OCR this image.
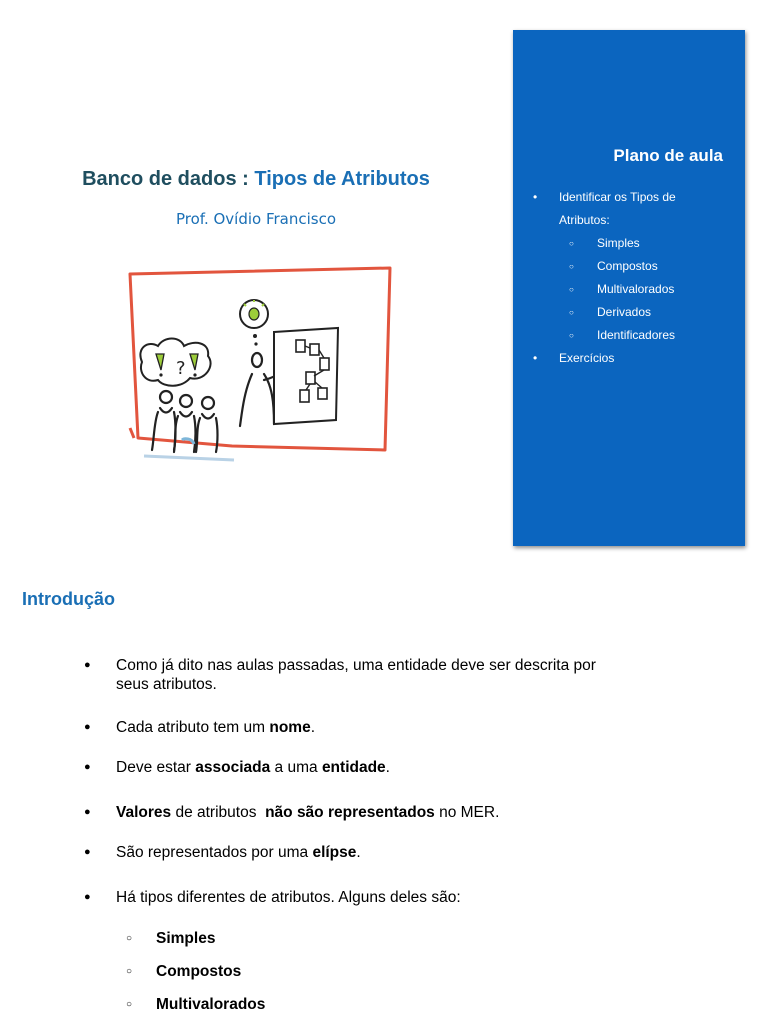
Banco de dados : Tipos de Atributos
Prof. Ovídio Francisco
?
Plano de aula
• Identificar os Tipos de Atributos:
○ Simples
○ Compostos
○ Multivalorados
○ Derivados
○ Identificadores
• Exercícios
Introdução
● Como já dito nas aulas passadas, uma entidade deve ser descrita por seus atributos.
● Cada atributo tem um nome.
● Deve estar associada a uma entidade.
● Valores de atributos  não são representados no MER.
● São representados por uma elípse.
● Há tipos diferentes de atributos. Alguns deles são:
○ Simples
○ Compostos
○ Multivalorados
